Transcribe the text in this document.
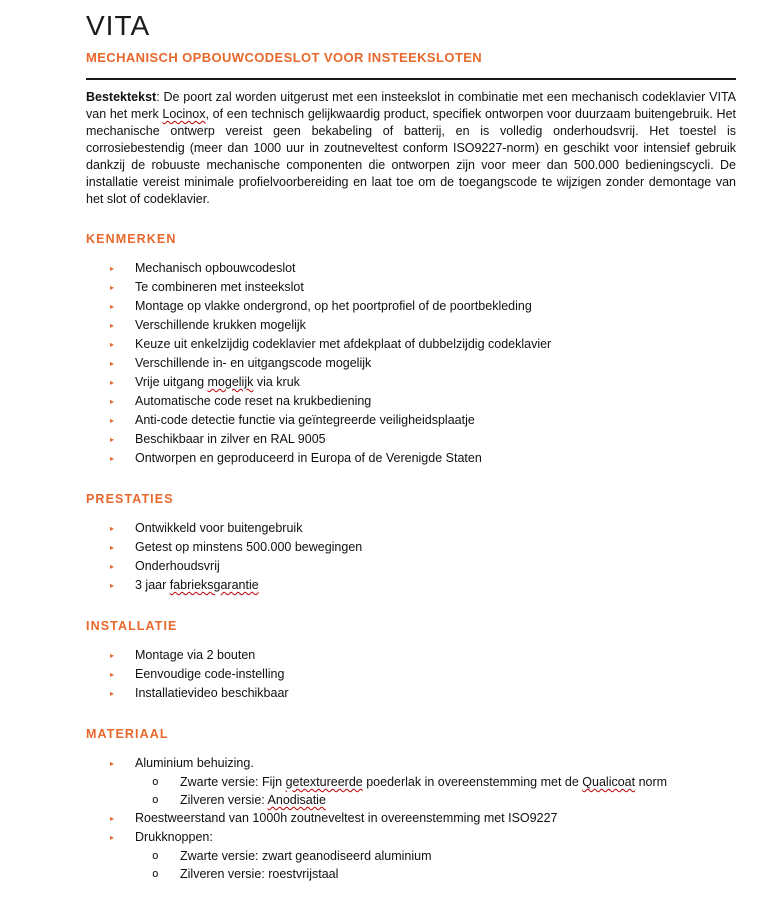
VITA
MECHANISCH OPBOUWCODESLOT VOOR INSTEEKSLOTEN

Bestektekst: De poort zal worden uitgerust met een insteekslot in combinatie met een mechanisch codeklavier VITA van het merk Locinox, of een technisch gelijkwaardig product, specifiek ontworpen voor duurzaam buitengebruik. Het mechanische ontwerp vereist geen bekabeling of batterij, en is volledig onderhoudsvrij. Het toestel is corrosiebestendig (meer dan 1000 uur in zoutneveltest conform ISO9227-norm) en geschikt voor intensief gebruik dankzij de robuuste mechanische componenten die ontworpen zijn voor meer dan 500.000 bedieningscycli. De installatie vereist minimale profielvoorbereiding en laat toe om de toegangscode te wijzigen zonder demontage van het slot of codeklavier.

KENMERKEN
▸	Mechanisch opbouwcodeslot
▸	Te combineren met insteekslot
▸	Montage op vlakke ondergrond, op het poortprofiel of de poortbekleding
▸	Verschillende krukken mogelijk
▸	Keuze uit enkelzijdig codeklavier met afdekplaat of dubbelzijdig codeklavier
▸	Verschillende in- en uitgangscode mogelijk
▸	Vrije uitgang mogelijk via kruk
▸	Automatische code reset na krukbediening
▸	Anti-code detectie functie via geïntegreerde veiligheidsplaatje
▸	Beschikbaar in zilver en RAL 9005
▸	Ontworpen en geproduceerd in Europa of de Verenigde Staten
PRESTATIES
▸	Ontwikkeld voor buitengebruik
▸	Getest op minstens 500.000 bewegingen
▸	Onderhoudsvrij
▸	3 jaar fabrieksgarantie
INSTALLATIE
▸	Montage via 2 bouten
▸	Eenvoudige code-instelling
▸	Installatievideo beschikbaar
MATERIAAL
▸	Aluminium behuizing.
o	Zwarte versie: Fijn getextureerde poederlak in overeenstemming met de Qualicoat norm
o	Zilveren versie: Anodisatie
▸	Roestweerstand van 1000h zoutneveltest in overeenstemming met ISO9227
▸	Drukknoppen:
o	Zwarte versie: zwart geanodiseerd aluminium
o	Zilveren versie: roestvrijstaal
